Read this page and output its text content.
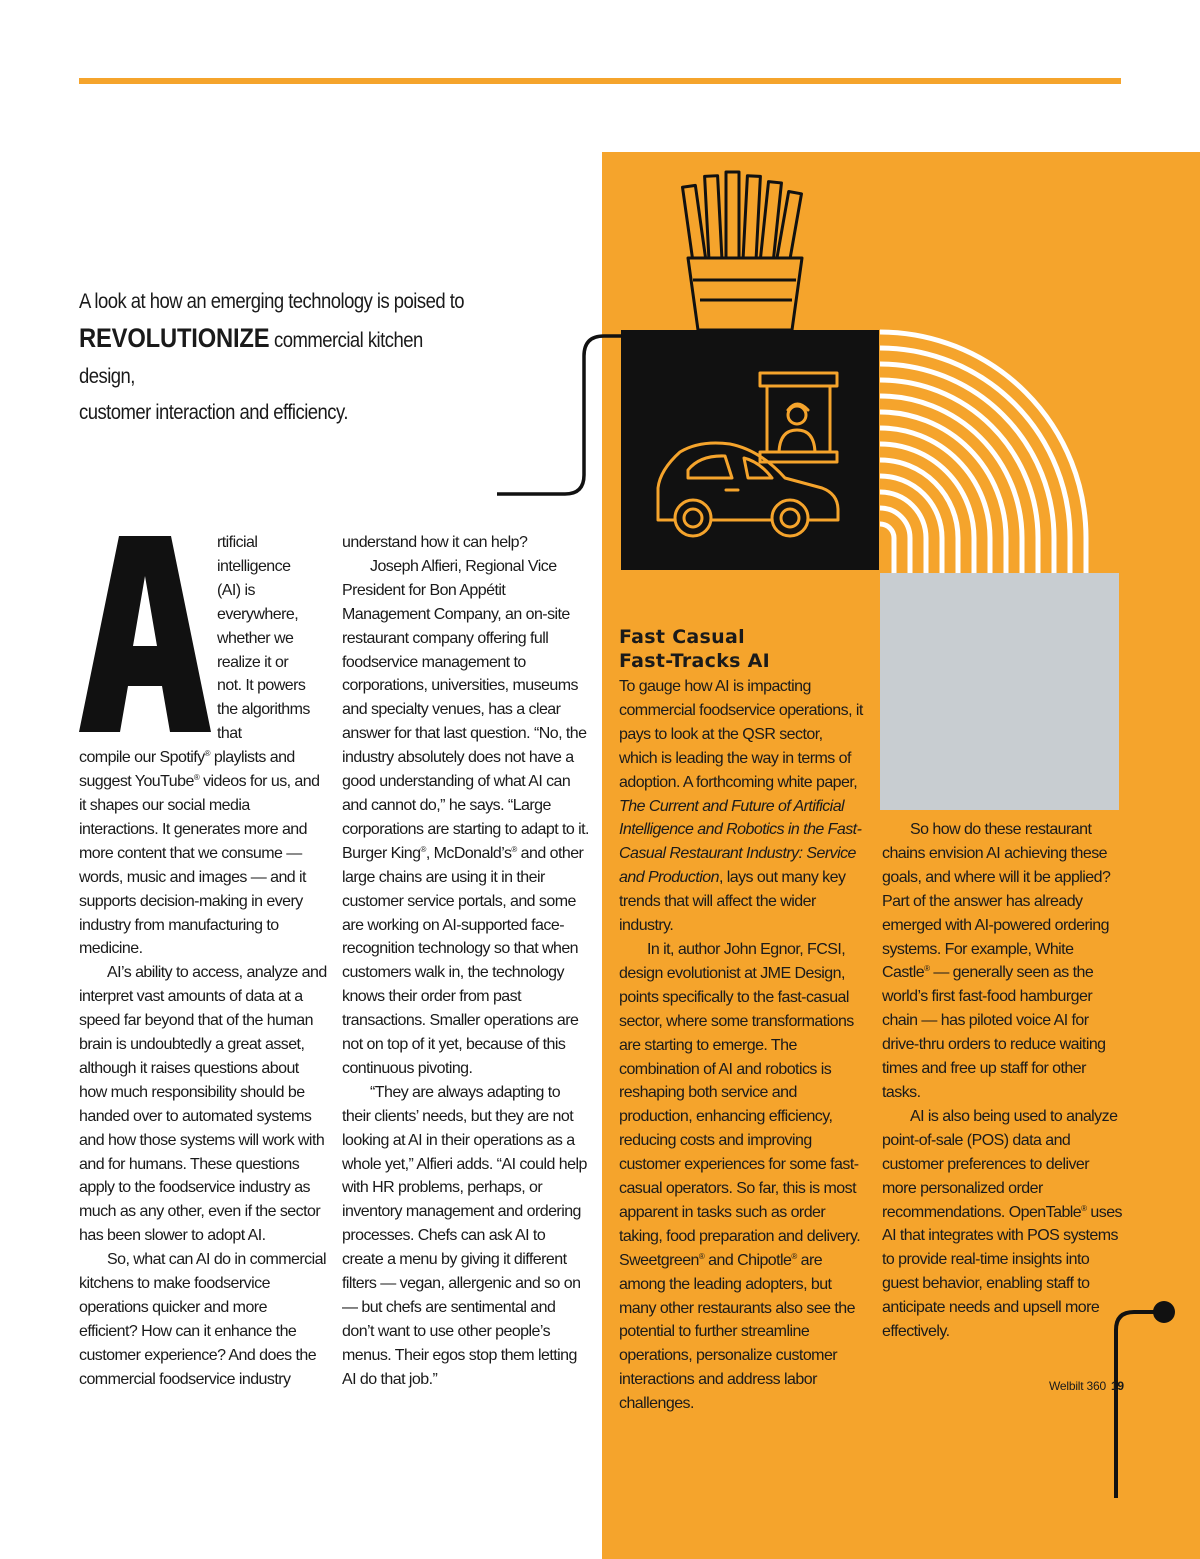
A look at how an emerging technology is poised to
REVOLUTIONIZE commercial kitchen design,
customer interaction and efficiency.
rtificial
intelligence
(AI) is
everywhere,
whether we
realize it or
not. It powers
the algorithms
that

compile our Spotify® playlists and suggest YouTube® videos for us, and it shapes our social media interactions. It generates more and more content that we consume — words, music and images — and it supports decision-making in every industry from manufacturing to medicine.

AI’s ability to access, analyze and interpret vast amounts of data at a speed far beyond that of the human brain is undoubtedly a great asset, although it raises questions about how much responsibility should be handed over to automated systems and how those systems will work with and for humans. These questions apply to the foodservice industry as much as any other, even if the sector has been slower to adopt AI.

So, what can AI do in commercial kitchens to make foodservice operations quicker and more efficient? How can it enhance the customer experience? And does the commercial foodservice industry

understand how it can help?

Joseph Alfieri, Regional Vice President for Bon Appétit Management Company, an on-site restaurant company offering full foodservice management to corporations, universities, museums and specialty venues, has a clear answer for that last question. “No, the industry absolutely does not have a good understanding of what AI can and cannot do,” he says. “Large corporations are starting to adapt to it. Burger King®, McDonald’s® and other large chains are using it in their customer service portals, and some are working on AI-supported face-recognition technology so that when customers walk in, the technology knows their order from past transactions. Smaller operations are not on top of it yet, because of this continuous pivoting.

“They are always adapting to their clients’ needs, but they are not looking at AI in their operations as a whole yet,” Alfieri adds. “AI could help with HR problems, perhaps, or inventory management and ordering processes. Chefs can ask AI to create a menu by giving it different filters — vegan, allergenic and so on — but chefs are sentimental and don’t want to use other people’s menus. Their egos stop them letting AI do that job.”

Fast Casual
Fast-Tracks AI

To gauge how AI is impacting commercial foodservice operations, it pays to look at the QSR sector, which is leading the way in terms of adoption. A forthcoming white paper, The Current and Future of Artificial Intelligence and Robotics in the Fast-Casual Restaurant Industry: Service and Production, lays out many key trends that will affect the wider industry.

In it, author John Egnor, FCSI, design evolutionist at JME Design, points specifically to the fast-casual sector, where some transformations are starting to emerge. The combination of AI and robotics is reshaping both service and production, enhancing efficiency, reducing costs and improving customer experiences for some fast-casual operators. So far, this is most apparent in tasks such as order taking, food preparation and delivery. Sweetgreen® and Chipotle® are among the leading adopters, but many other restaurants also see the potential to further streamline operations, personalize customer interactions and address labor challenges.

So how do these restaurant chains envision AI achieving these goals, and where will it be applied? Part of the answer has already emerged with AI-powered ordering systems. For example, White Castle® — generally seen as the world’s first fast-food hamburger chain — has piloted voice AI for drive-thru orders to reduce waiting times and free up staff for other tasks.

AI is also being used to analyze point-of-sale (POS) data and customer preferences to deliver more personalized order recommendations. OpenTable® uses AI that integrates with POS systems to provide real-time insights into guest behavior, enabling staff to anticipate needs and upsell more effectively.

Welbilt 360 19
